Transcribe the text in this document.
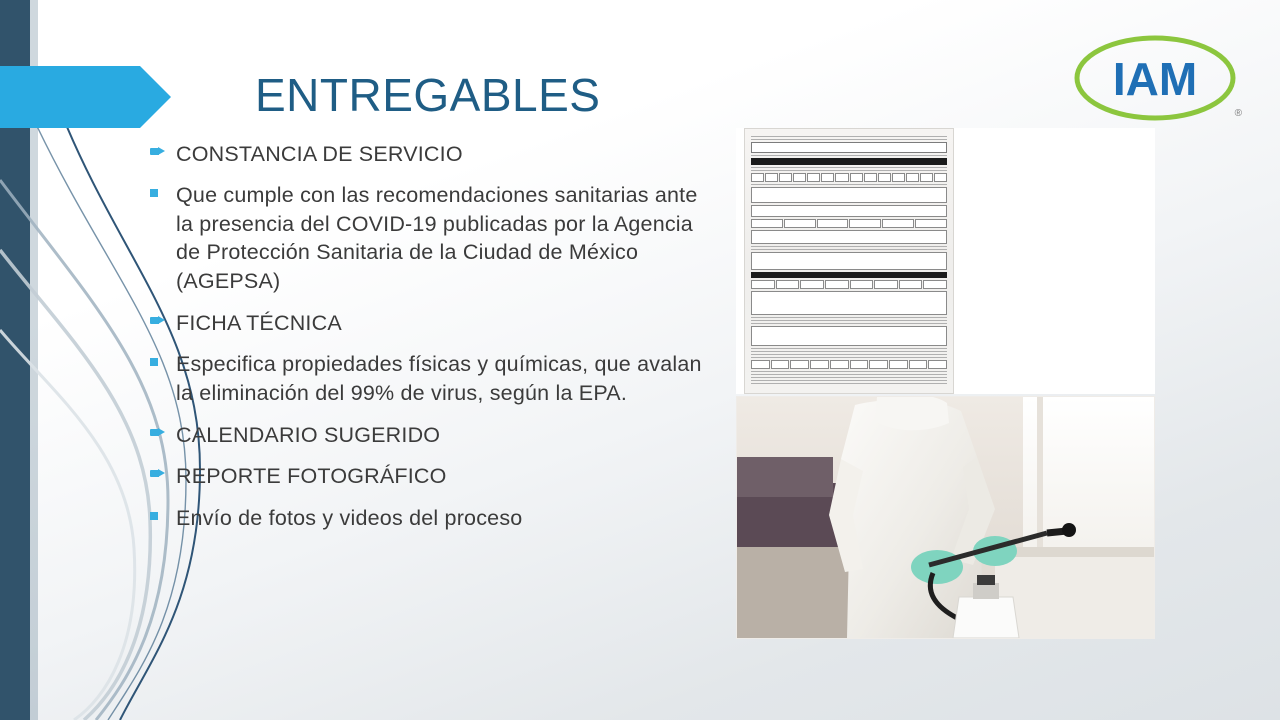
ENTREGABLES
CONSTANCIA DE SERVICIO
Que cumple con las recomendaciones sanitarias ante la presencia del COVID-19 publicadas por la Agencia de Protección Sanitaria de la Ciudad de México (AGEPSA)
FICHA TÉCNICA
Especifica propiedades físicas y químicas, que avalan la eliminación del 99% de virus, según la EPA.
CALENDARIO SUGERIDO
REPORTE FOTOGRÁFICO
Envío de fotos y videos del proceso
IAM
®
